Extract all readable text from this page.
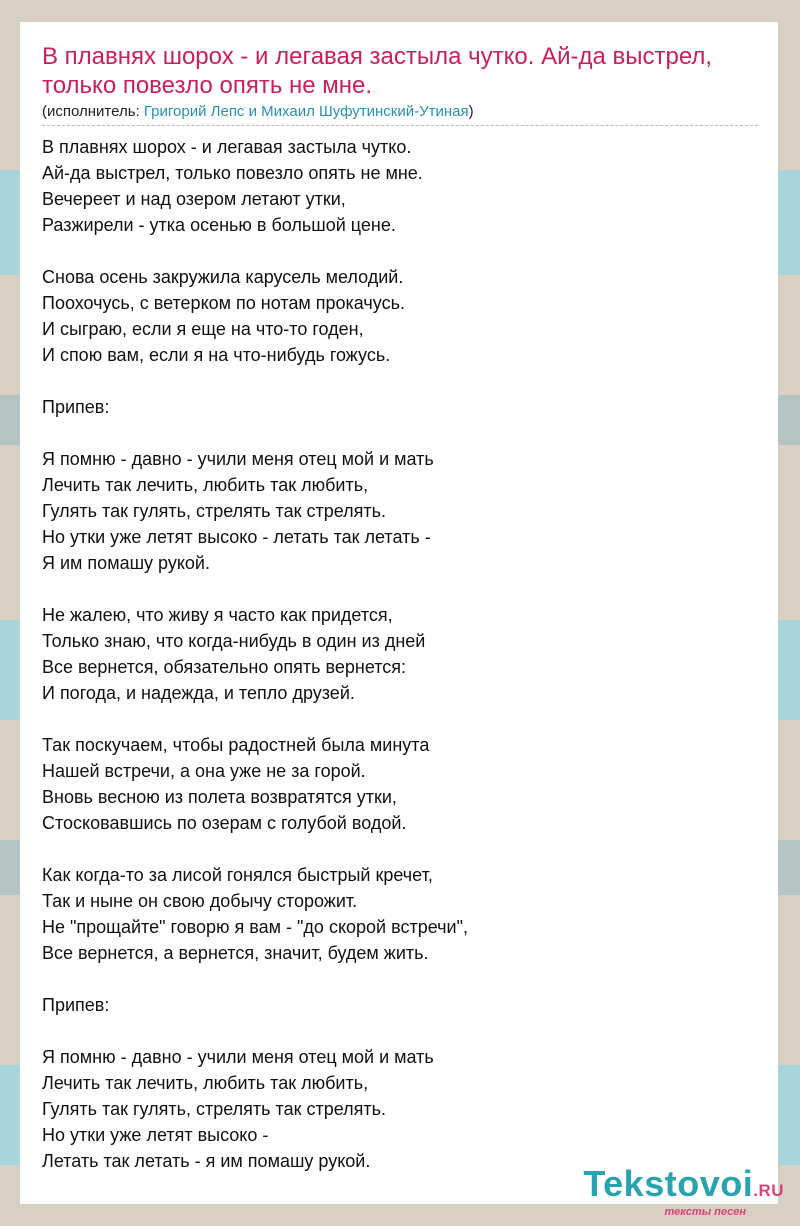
В плавнях шорох - и легавая застыла чутко. Ай-да выстрел, только повезло опять не мне.
(исполнитель: Григорий Лепс и Михаил Шуфутинский-Утиная)
В плавнях шорох - и легавая застыла чутко.
Ай-да выстрел, только повезло опять не мне.
Вечереет и над озером летают утки,
Разжирели - утка осенью в большой цене.
Снова осень закружила карусель мелодий.
Поохочусь, с ветерком по нотам прокачусь.
И сыграю, если я еще на что-то годен,
И спою вам, если я на что-нибудь гожусь.
Припев:
Я помню - давно - учили меня отец мой и мать
Лечить так лечить, любить так любить,
Гулять так гулять, стрелять так стрелять.
Но утки уже летят высоко - летать так летать -
Я им помашу рукой.
Не жалею, что живу я часто как придется,
Только знаю, что когда-нибудь в один из дней
Все вернется, обязательно опять вернется:
И погода, и надежда, и тепло друзей.
Так поскучаем, чтобы радостней была минута
Нашей встречи, а она уже не за горой.
Вновь весною из полета возвратятся утки,
Стосковавшись по озерам с голубой водой.
Как когда-то за лисой гонялся быстрый кречет,
Так и ныне он свою добычу сторожит.
Не "прощайте" говорю я вам - "до скорой встречи",
Все вернется, а вернется, значит, будем жить.
Припев:
Я помню - давно - учили меня отец мой и мать
Лечить так лечить, любить так любить,
Гулять так гулять, стрелять так стрелять.
Но утки уже летят высоко -
Летать так летать - я им помашу рукой.
Tekstovoi.RU
тексты песен
